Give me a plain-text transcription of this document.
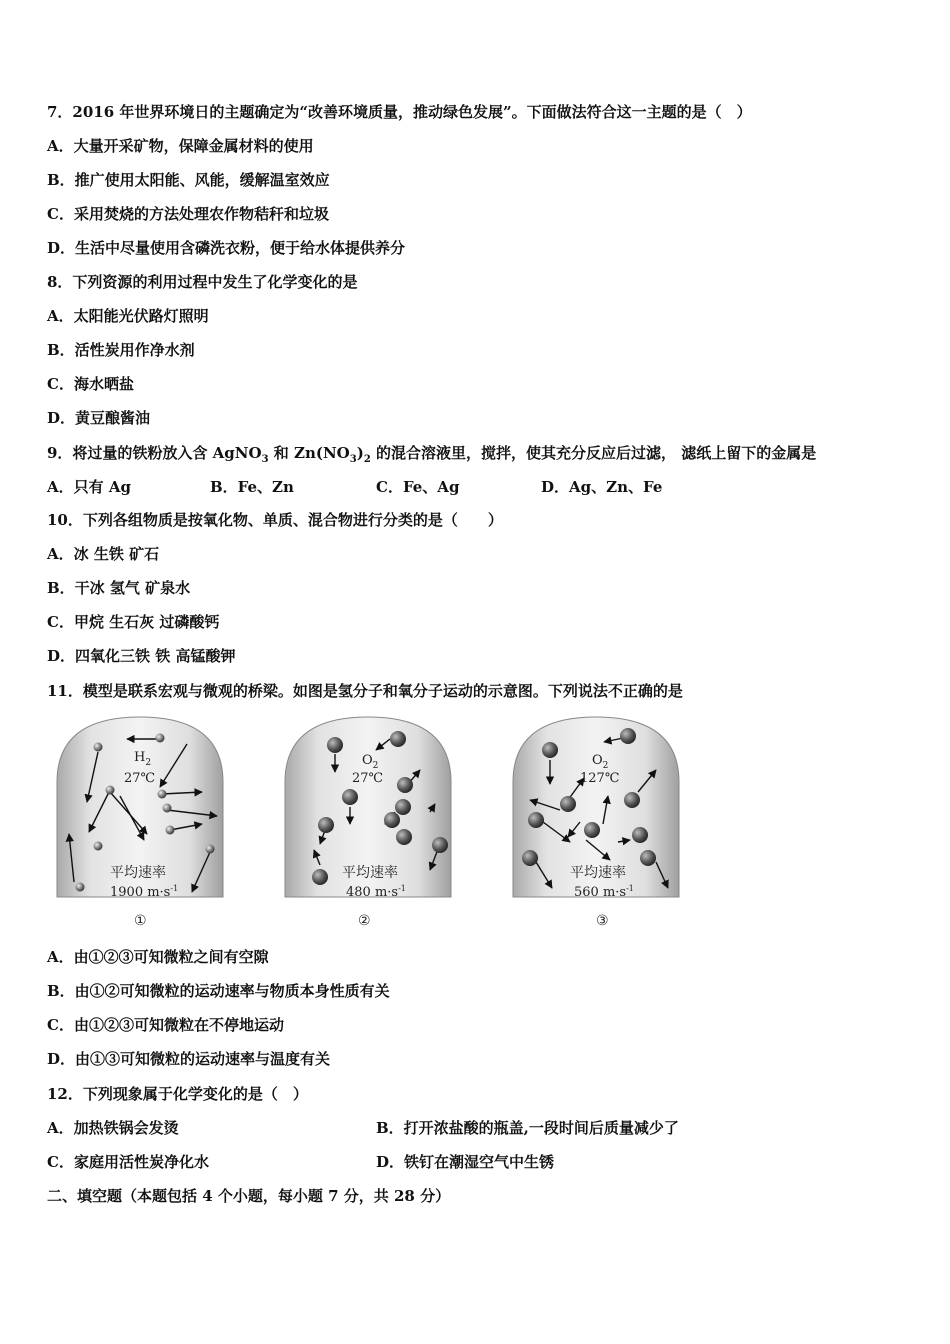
7．2016 年世界环境日的主题确定为“改善环境质量，推动绿色发展”。下面做法符合这一主题的是（　）
A．大量开采矿物，保障金属材料的使用
B．推广使用太阳能、风能，缓解温室效应
C．采用焚烧的方法处理农作物秸秆和垃圾
D．生活中尽量使用含磷洗衣粉，便于给水体提供养分
8．下列资源的利用过程中发生了化学变化的是
A．太阳能光伏路灯照明
B．活性炭用作净水剂
C．海水晒盐
D．黄豆酿酱油
9．将过量的铁粉放入含 AgNO$_3$ 和 $Zn(NO_3)_2$ 的混合溶液里，搅拌，使其充分反应后过滤， 滤纸上留下的金属是
A．只有 Ag	B．Fe、Zn	C．Fe、Ag	D．Ag、Zn、Fe
10．下列各组物质是按氧化物、单质、混合物进行分类的是（　　）
A．冰 生铁 矿石
B．干冰 氢气 矿泉水
C．甲烷 生石灰 过磷酸钙
D．四氧化三铁 铁 高锰酸钾
11．模型是联系宏观与微观的桥梁。如图是氢分子和氧分子运动的示意图。下列说法不正确的是
$H_2$
27℃
平均速率
1900 $m\cdot s^{-1}$
①
$O_2$
27℃
平均速率
480 $m\cdot s^{-1}$
②
$O_2$
127℃
平均速率
560 $m\cdot s^{-1}$
③
A．由①②③可知微粒之间有空隙
B．由①②可知微粒的运动速率与物质本身性质有关
C．由①②③可知微粒在不停地运动
D．由①③可知微粒的运动速率与温度有关
12．下列现象属于化学变化的是（　）
A．加热铁锅会发烫	B．打开浓盐酸的瓶盖,一段时间后质量减少了
C．家庭用活性炭净化水	D．铁钉在潮湿空气中生锈
二、填空题（本题包括 4 个小题，每小题 7 分，共 28 分）
